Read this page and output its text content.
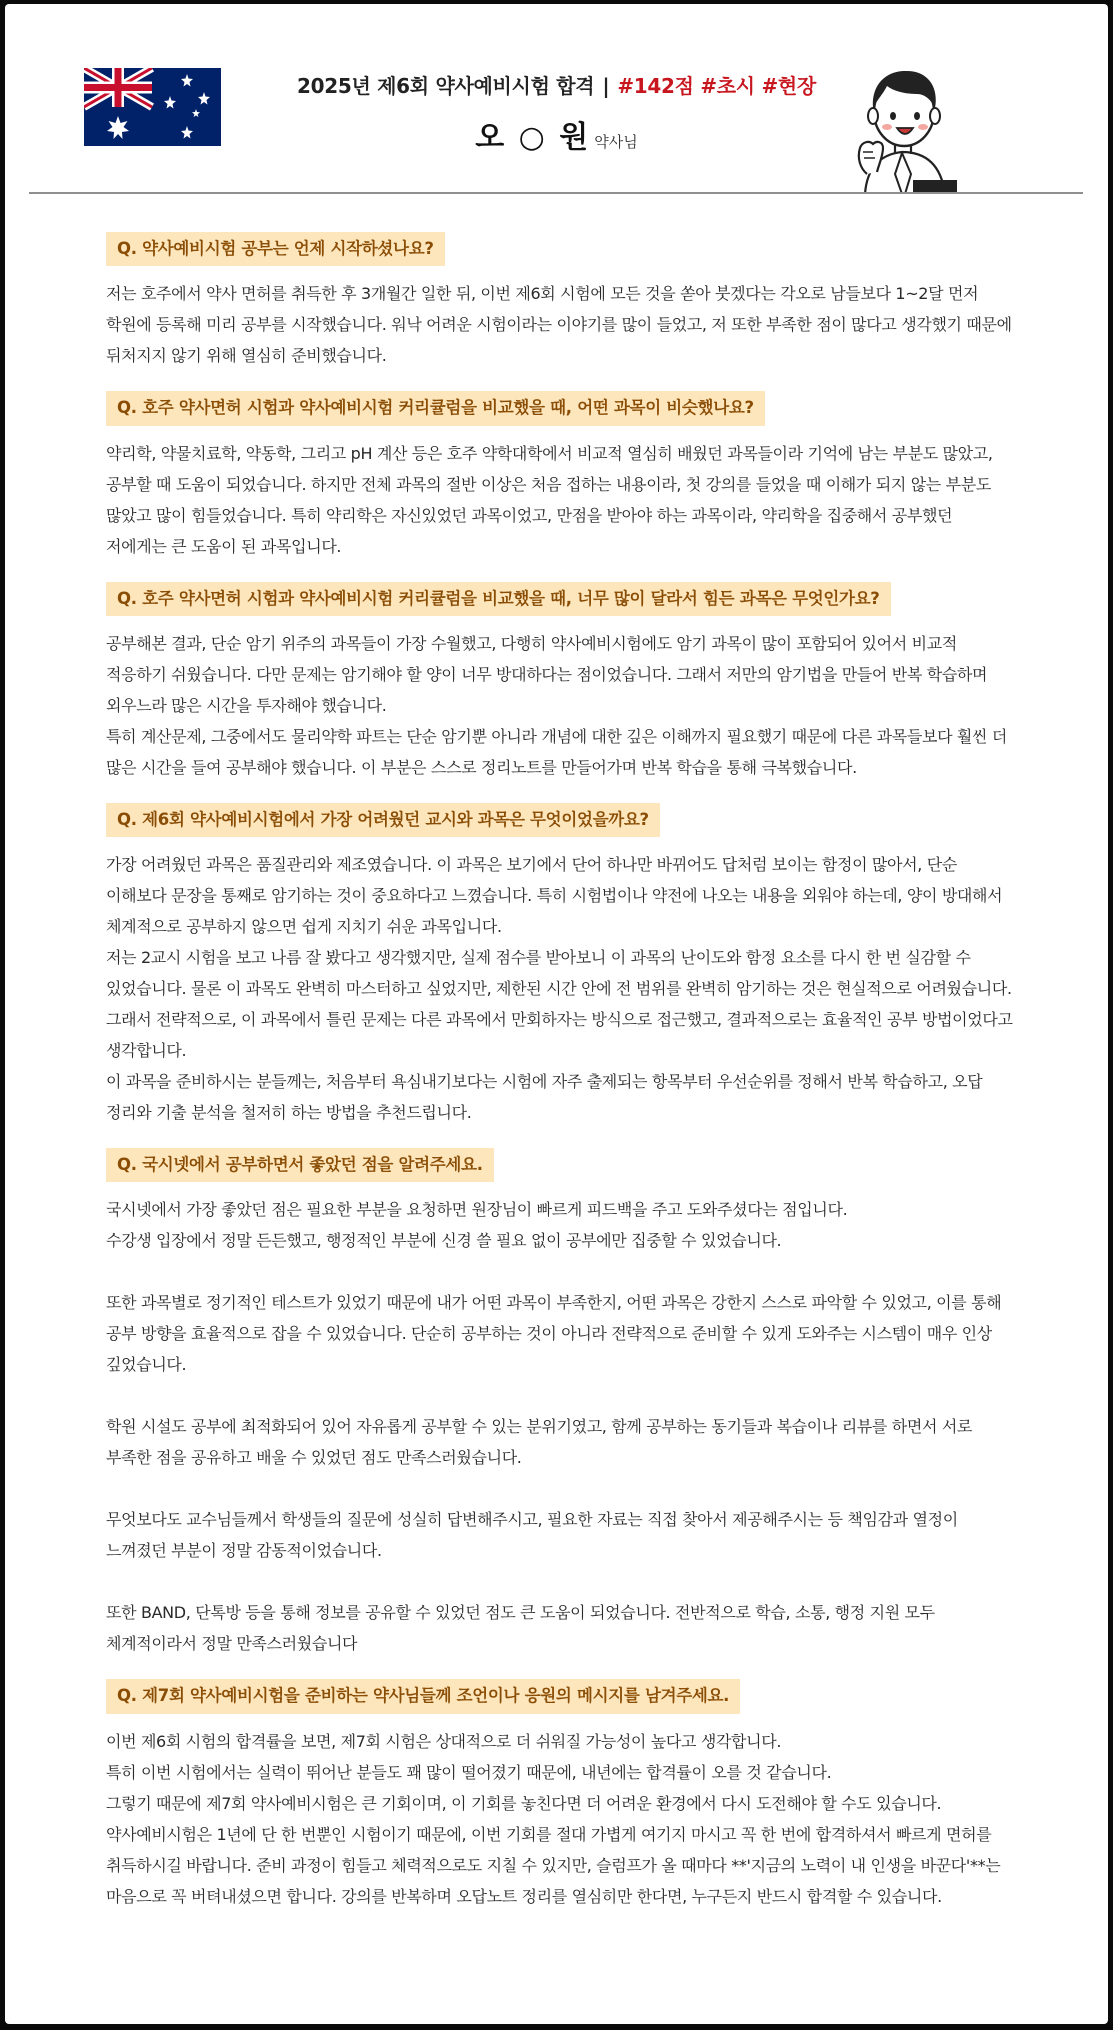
2025년 제6회 약사예비시험 합격 | #142점 #초시 #현장
오 ○ 원 약사님
Q. 약사예비시험 공부는 언제 시작하셨나요?
저는 호주에서 약사 면허를 취득한 후 3개월간 일한 뒤, 이번 제6회 시험에 모든 것을 쏟아 붓겠다는 각오로 남들보다 1~2달 먼저 학원에 등록해 미리 공부를 시작했습니다. 워낙 어려운 시험이라는 이야기를 많이 들었고, 저 또한 부족한 점이 많다고 생각했기 때문에 뒤처지지 않기 위해 열심히 준비했습니다.
Q. 호주 약사면허 시험과 약사예비시험 커리큘럼을 비교했을 때, 어떤 과목이 비슷했나요?
약리학, 약물치료학, 약동학, 그리고 pH 계산 등은 호주 약학대학에서 비교적 열심히 배웠던 과목들이라 기억에 남는 부분도 많았고, 공부할 때 도움이 되었습니다. 하지만 전체 과목의 절반 이상은 처음 접하는 내용이라, 첫 강의를 들었을 때 이해가 되지 않는 부분도 많았고 많이 힘들었습니다. 특히 약리학은 자신있었던 과목이었고, 만점을 받아야 하는 과목이라, 약리학을 집중해서 공부했던 저에게는 큰 도움이 된 과목입니다.
Q. 호주 약사면허 시험과 약사예비시험 커리큘럼을 비교했을 때, 너무 많이 달라서 힘든 과목은 무엇인가요?
공부해본 결과, 단순 암기 위주의 과목들이 가장 수월했고, 다행히 약사예비시험에도 암기 과목이 많이 포함되어 있어서 비교적 적응하기 쉬웠습니다. 다만 문제는 암기해야 할 양이 너무 방대하다는 점이었습니다. 그래서 저만의 암기법을 만들어 반복 학습하며 외우느라 많은 시간을 투자해야 했습니다.
특히 계산문제, 그중에서도 물리약학 파트는 단순 암기뿐 아니라 개념에 대한 깊은 이해까지 필요했기 때문에 다른 과목들보다 훨씬 더 많은 시간을 들여 공부해야 했습니다. 이 부분은 스스로 정리노트를 만들어가며 반복 학습을 통해 극복했습니다.
Q. 제6회 약사예비시험에서 가장 어려웠던 교시와 과목은 무엇이었을까요?
가장 어려웠던 과목은 품질관리와 제조였습니다. 이 과목은 보기에서 단어 하나만 바뀌어도 답처럼 보이는 함정이 많아서, 단순 이해보다 문장을 통째로 암기하는 것이 중요하다고 느꼈습니다. 특히 시험법이나 약전에 나오는 내용을 외워야 하는데, 양이 방대해서 체계적으로 공부하지 않으면 쉽게 지치기 쉬운 과목입니다.
저는 2교시 시험을 보고 나름 잘 봤다고 생각했지만, 실제 점수를 받아보니 이 과목의 난이도와 함정 요소를 다시 한 번 실감할 수 있었습니다. 물론 이 과목도 완벽히 마스터하고 싶었지만, 제한된 시간 안에 전 범위를 완벽히 암기하는 것은 현실적으로 어려웠습니다. 그래서 전략적으로, 이 과목에서 틀린 문제는 다른 과목에서 만회하자는 방식으로 접근했고, 결과적으로는 효율적인 공부 방법이었다고 생각합니다.
이 과목을 준비하시는 분들께는, 처음부터 욕심내기보다는 시험에 자주 출제되는 항목부터 우선순위를 정해서 반복 학습하고, 오답 정리와 기출 분석을 철저히 하는 방법을 추천드립니다.
Q. 국시넷에서 공부하면서 좋았던 점을 알려주세요.
국시넷에서 가장 좋았던 점은 필요한 부분을 요청하면 원장님이 빠르게 피드백을 주고 도와주셨다는 점입니다.
수강생 입장에서 정말 든든했고, 행정적인 부분에 신경 쓸 필요 없이 공부에만 집중할 수 있었습니다.
또한 과목별로 정기적인 테스트가 있었기 때문에 내가 어떤 과목이 부족한지, 어떤 과목은 강한지 스스로 파악할 수 있었고, 이를 통해 공부 방향을 효율적으로 잡을 수 있었습니다. 단순히 공부하는 것이 아니라 전략적으로 준비할 수 있게 도와주는 시스템이 매우 인상 깊었습니다.
학원 시설도 공부에 최적화되어 있어 자유롭게 공부할 수 있는 분위기였고, 함께 공부하는 동기들과 복습이나 리뷰를 하면서 서로 부족한 점을 공유하고 배울 수 있었던 점도 만족스러웠습니다.
무엇보다도 교수님들께서 학생들의 질문에 성실히 답변해주시고, 필요한 자료는 직접 찾아서 제공해주시는 등 책임감과 열정이 느껴졌던 부분이 정말 감동적이었습니다.
또한 BAND, 단톡방 등을 통해 정보를 공유할 수 있었던 점도 큰 도움이 되었습니다. 전반적으로 학습, 소통, 행정 지원 모두 체계적이라서 정말 만족스러웠습니다
Q. 제7회 약사예비시험을 준비하는 약사님들께 조언이나 응원의 메시지를 남겨주세요.
이번 제6회 시험의 합격률을 보면, 제7회 시험은 상대적으로 더 쉬워질 가능성이 높다고 생각합니다.
특히 이번 시험에서는 실력이 뛰어난 분들도 꽤 많이 떨어졌기 때문에, 내년에는 합격률이 오를 것 같습니다.
그렇기 때문에 제7회 약사예비시험은 큰 기회이며, 이 기회를 놓친다면 더 어려운 환경에서 다시 도전해야 할 수도 있습니다.
약사예비시험은 1년에 단 한 번뿐인 시험이기 때문에, 이번 기회를 절대 가볍게 여기지 마시고 꼭 한 번에 합격하셔서 빠르게 면허를 취득하시길 바랍니다. 준비 과정이 힘들고 체력적으로도 지칠 수 있지만, 슬럼프가 올 때마다 **'지금의 노력이 내 인생을 바꾼다'**는 마음으로 꼭 버텨내셨으면 합니다. 강의를 반복하며 오답노트 정리를 열심히만 한다면, 누구든지 반드시 합격할 수 있습니다.
